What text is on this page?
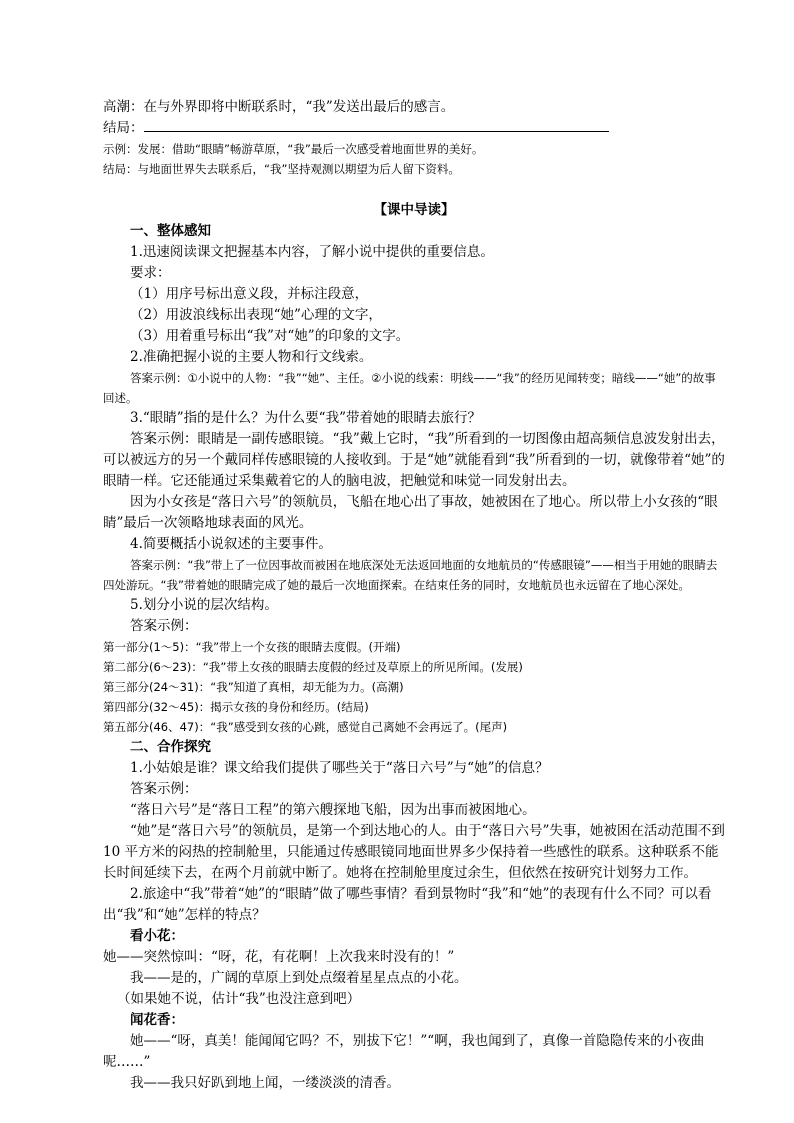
高潮：在与外界即将中断联系时，“我”发送出最后的感言。
结局：
示例：发展：借助“眼睛”畅游草原，“我”最后一次感受着地面世界的美好。
结局：与地面世界失去联系后，“我”坚持观测以期望为后人留下资料。
【课中导读】
一、整体感知
1.迅速阅读课文把握基本内容，了解小说中提供的重要信息。
要求：
（1）用序号标出意义段，并标注段意，
（2）用波浪线标出表现“她”心理的文字，
（3）用着重号标出“我”对“她”的印象的文字。
2.准确把握小说的主要人物和行文线索。
答案示例：①小说中的人物：“我”“她”、主任。②小说的线索：明线——“我”的经历见闻转变；暗线——“她”的故事回述。
3.“眼睛”指的是什么？为什么要“我”带着她的眼睛去旅行？
答案示例：眼睛是一副传感眼镜。“我”戴上它时，“我”所看到的一切图像由超高频信息波发射出去，可以被远方的另一个戴同样传感眼镜的人接收到。于是“她”就能看到“我”所看到的一切，就像带着“她”的眼睛一样。它还能通过采集戴着它的人的脑电波，把触觉和味觉一同发射出去。
因为小女孩是“落日六号”的领航员，飞船在地心出了事故，她被困在了地心。所以带上小女孩的“眼睛”最后一次领略地球表面的风光。
4.简要概括小说叙述的主要事件。
答案示例：“我”带上了一位因事故而被困在地底深处无法返回地面的女地航员的“传感眼镜”——相当于用她的眼睛去四处游玩。“我”带着她的眼睛完成了她的最后一次地面探索。在结束任务的同时，女地航员也永远留在了地心深处。
5.划分小说的层次结构。
答案示例：
第一部分(1～5)：“我”带上一个女孩的眼睛去度假。(开端)
第二部分(6～23)：“我”带上女孩的眼睛去度假的经过及草原上的所见所闻。(发展)
第三部分(24～31)：“我”知道了真相，却无能为力。(高潮)
第四部分(32～45)：揭示女孩的身份和经历。(结局)
第五部分(46、47)：“我”感受到女孩的心跳，感觉自己离她不会再远了。(尾声)
二、合作探究
1.小姑娘是谁？课文给我们提供了哪些关于“落日六号”与“她”的信息？
答案示例：
“落日六号”是“落日工程”的第六艘探地飞船，因为出事而被困地心。
“她”是“落日六号”的领航员，是第一个到达地心的人。由于“落日六号”失事，她被困在活动范围不到 10 平方米的闷热的控制舱里，只能通过传感眼镜同地面世界多少保持着一些感性的联系。这种联系不能长时间延续下去，在两个月前就中断了。她将在控制舱里度过余生，但依然在按研究计划努力工作。
2.旅途中“我”带着“她”的“眼睛”做了哪些事情？看到景物时“我”和“她”的表现有什么不同？可以看出“我”和“她”怎样的特点？
看小花：
她——突然惊叫：“呀，花，有花啊！上次我来时没有的！”
我——是的，广阔的草原上到处点缀着星星点点的小花。
（如果她不说，估计“我”也没注意到吧）
闻花香：
她——“呀，真美！能闻闻它吗？不，别拔下它！”“啊，我也闻到了，真像一首隐隐传来的小夜曲呢……”
我——我只好趴到地上闻，一缕淡淡的清香。
